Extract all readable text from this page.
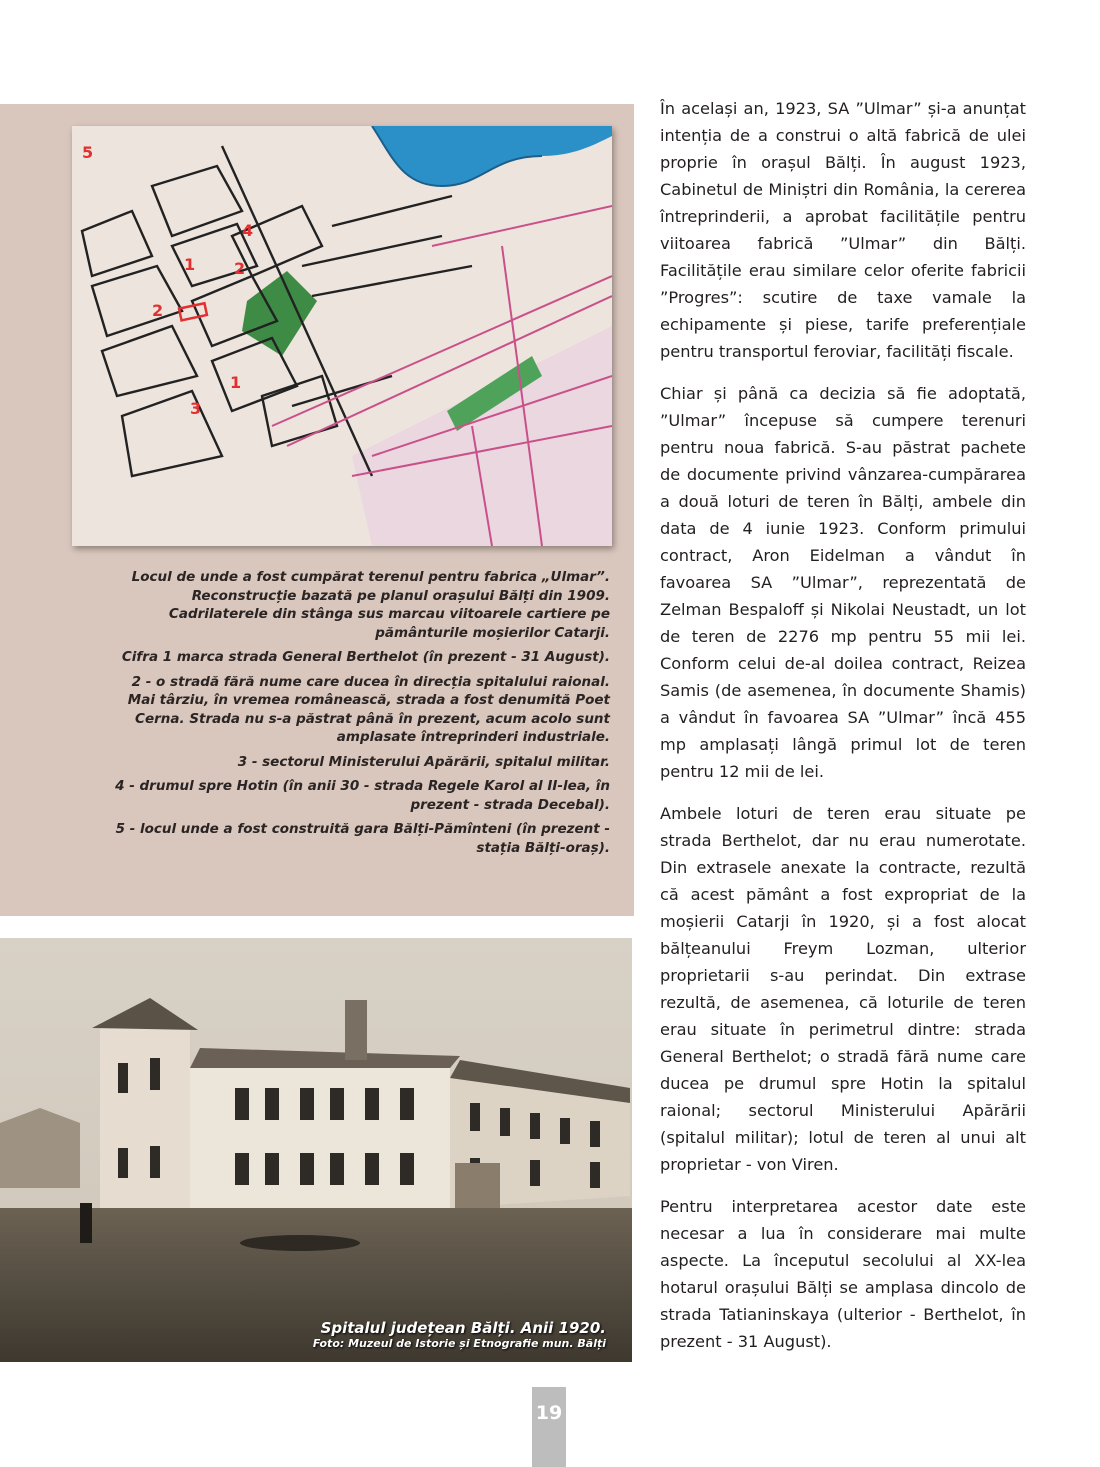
5
4
1 2
2
1
3

Locul de unde a fost cumpărat terenul pentru fabrica „Ulmar”. Reconstrucție bazată pe planul orașului Bălți din 1909. Cadrilaterele din stânga sus marcau viitoarele cartiere pe pământurile moșierilor Catarji.

Cifra 1 marca strada General Berthelot (în prezent - 31 August).

2 - o stradă fără nume care ducea în direcția spitalului raional. Mai târziu, în vremea românească, strada a fost denumită Poet Cerna. Strada nu s-a păstrat până în prezent, acum acolo sunt amplasate întreprinderi industriale.

3 - sectorul Ministerului Apărării, spitalul militar.

4 - drumul spre Hotin (în anii 30 - strada Regele Karol al II-lea, în prezent - strada Decebal).

5 - locul unde a fost construită gara Bălți-Pămînteni (în prezent - stația Bălți-oraș).

Spitalul județean Bălți. Anii 1920.
Foto: Muzeul de Istorie și Etnografie mun. Bălți

În același an, 1923, SA ”Ulmar” și-a anunțat intenția de a construi o altă fabrică de ulei proprie în orașul Bălți. În august 1923, Cabinetul de Miniștri din România, la cererea întreprinderii, a aprobat facilitățile pentru viitoarea fabrică ”Ulmar” din Bălți. Facilitățile erau similare celor oferite fabricii ”Progres”: scutire de taxe vamale la echipamente și piese, tarife preferențiale pentru transportul feroviar, facilități fiscale.

Chiar și până ca decizia să fie adoptată, ”Ulmar” începuse să cumpere terenuri pentru noua fabrică. S-au păstrat pachete de documente privind vânzarea-cumpărarea a două loturi de teren în Bălți, ambele din data de 4 iunie 1923. Conform primului contract, Aron Eidelman a vândut în favoarea SA ”Ulmar”, reprezentată de Zelman Bespaloff și Nikolai Neustadt, un lot de teren de 2276 mp pentru 55 mii lei. Conform celui de-al doilea contract, Reizea Samis (de asemenea, în documente Shamis) a vândut în favoarea SA ”Ulmar” încă 455 mp amplasați lângă primul lot de teren pentru 12 mii de lei.

Ambele loturi de teren erau situate pe strada Berthelot, dar nu erau numerotate. Din extrasele anexate la contracte, rezultă că acest pământ a fost expropriat de la moșierii Catarji în 1920, și a fost alocat bălțeanului Freym Lozman, ulterior proprietarii s-au perindat. Din extrase rezultă, de asemenea, că loturile de teren erau situate în perimetrul dintre: strada General Berthelot; o stradă fără nume care ducea pe drumul spre Hotin la spitalul raional; sectorul Ministerului Apărării (spitalul militar); lotul de teren al unui alt proprietar - von Viren.

Pentru interpretarea acestor date este necesar a lua în considerare mai multe aspecte. La începutul secolului al XX-lea hotarul orașului Bălți se amplasa dincolo de strada Tatianinskaya (ulterior - Berthelot, în prezent - 31 August).

19
